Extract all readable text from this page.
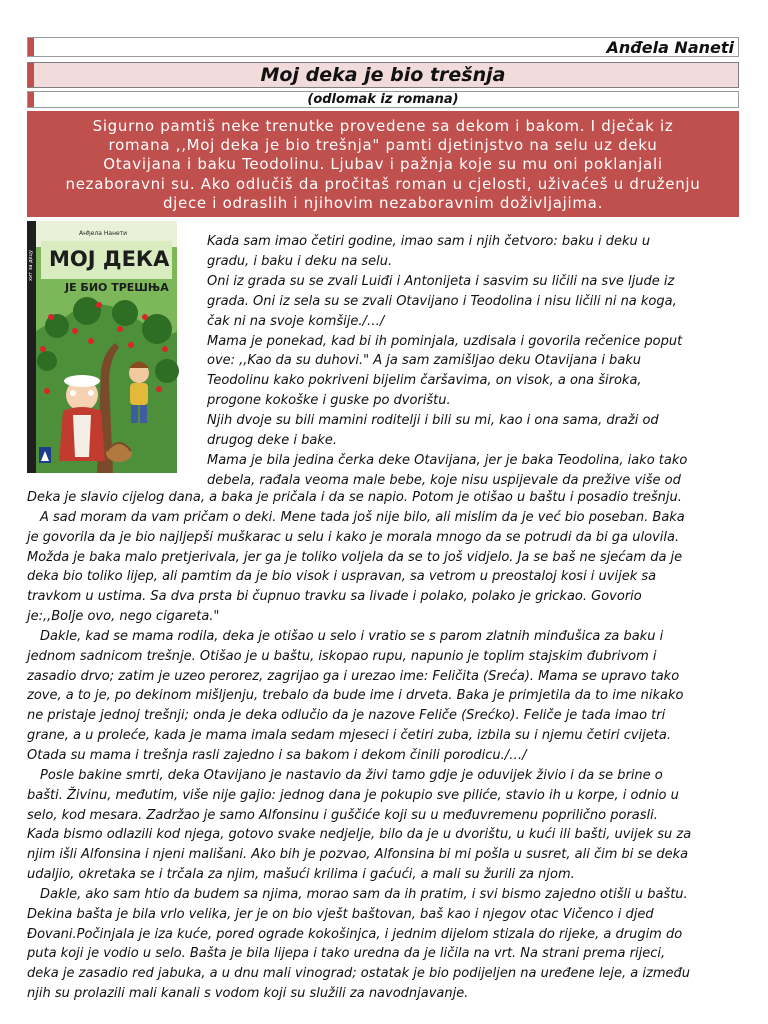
Anđela Naneti
Moj deka je bio trešnja
(odlomak iz romana)
Sigurno pamtiš neke trenutke provedene sa dekom i bakom. I dječak iz
romana ,,Moj deka je bio trešnja" pamti djetinjstvo na selu uz deku
Otavijana i baku Teodolinu. Ljubav i pažnja koje su mu oni poklanjali
nezaboravni su. Ako odlučiš da pročitaš roman u cjelosti, uživaćeš u druženju
djece i odraslih i njihovim nezaboravnim doživljajima.
хит за децу
Анђела Нанети
МОЈ ДЕКА
ЈЕ БИО ТРЕШЊА

Kada sam imao četiri godine, imao sam i njih četvoro: baku i deku u

gradu, i baku i deku na selu.

Oni iz grada su se zvali Luiđi i Antonijeta i sasvim su ličili na sve ljude iz

grada. Oni iz sela su se zvali Otavijano i Teodolina i nisu ličili ni na koga,

čak ni na svoje komšije./…/

Mama je ponekad, kad bi ih pominjala, uzdisala i govorila rečenice poput

ove: ,,Kao da su duhovi." A ja sam zamišljao deku Otavijana i baku

Teodolinu kako pokriveni bijelim čaršavima, on visok, a ona široka,

progone kokoške i guske po dvorištu.

Njih dvoje su bili mamini roditelji i bili su mi, kao i ona sama, draži od

drugog deke i bake.

Mama je bila jedina čerka deke Otavijana, jer je baka Teodolina, iako tako

debela, rađala veoma male bebe, koje nisu uspijevale da prežive više od

Deka je slavio cijelog dana, a baka je pričala i da se napio. Potom je otišao u baštu i posadio trešnju.

A sad moram da vam pričam o deki. Mene tada još nije bilo, ali mislim da je već bio poseban. Baka

je govorila da je bio najljepši muškarac u selu i kako je morala mnogo da se potrudi da bi ga ulovila.

Možda je baka malo pretjerivala, jer ga je toliko voljela da se to još vidjelo. Ja se baš ne sjećam da je

deka bio toliko lijep, ali pamtim da je bio visok i uspravan, sa vetrom u preostaloj kosi i uvijek sa

travkom u ustima. Sa dva prsta bi čupnuo travku sa livade i polako, polako je grickao. Govorio

je:,,Bolje ovo, nego cigareta."

Dakle, kad se mama rodila, deka je otišao u selo i vratio se s parom zlatnih minđušica za baku i

jednom sadnicom trešnje. Otišao je u baštu, iskopao rupu, napunio je toplim stajskim đubrivom i

zasadio drvo; zatim je uzeo perorez, zagrijao ga i urezao ime: Feličita (Sreća). Mama se upravo tako

zove, a to je, po dekinom mišljenju, trebalo da bude ime i drveta. Baka je primjetila da to ime nikako

ne pristaje jednoj trešnji; onda je deka odlučio da je nazove Feliče (Srećko). Feliče je tada imao tri

grane, a u proleće, kada je mama imala sedam mjeseci i četiri zuba, izbila su i njemu četiri cvijeta.

Otada su mama i trešnja rasli zajedno i sa bakom i dekom činili porodicu./…/

Posle bakine smrti, deka Otavijano je nastavio da živi tamo gdje je oduvijek živio i da se brine o

bašti. Živinu, međutim, više nije gajio: jednog dana je pokupio sve piliće, stavio ih u korpe, i odnio u

selo, kod mesara. Zadržao je samo Alfonsinu i guščiće koji su u međuvremenu poprilično porasli.

Kada bismo odlazili kod njega, gotovo svake nedjelje, bilo da je u dvorištu, u kući ili bašti, uvijek su za

njim išli Alfonsina i njeni mališani. Ako bih je pozvao, Alfonsina bi mi pošla u susret, ali čim bi se deka

udaljio, okretaka se i trčala za njim, mašući krilima i gaćući, a mali su žurili za njom.

Dakle, ako sam htio da budem sa njima, morao sam da ih pratim, i svi bismo zajedno otišli u baštu.

Dekina bašta je bila vrlo velika, jer je on bio vješt baštovan, baš kao i njegov otac Vičenco i djed

Đovani.Počinjala je iza kuće, pored ograde kokošinjca, i jednim dijelom stizala do rijeke, a drugim do

puta koji je vodio u selo. Bašta je bila lijepa i tako uredna da je ličila na vrt. Na strani prema rijeci,

deka je zasadio red jabuka, a u dnu mali vinograd; ostatak je bio podijeljen na uređene leje, a između

njih su prolazili mali kanali s vodom koji su služili za navodnjavanje.
